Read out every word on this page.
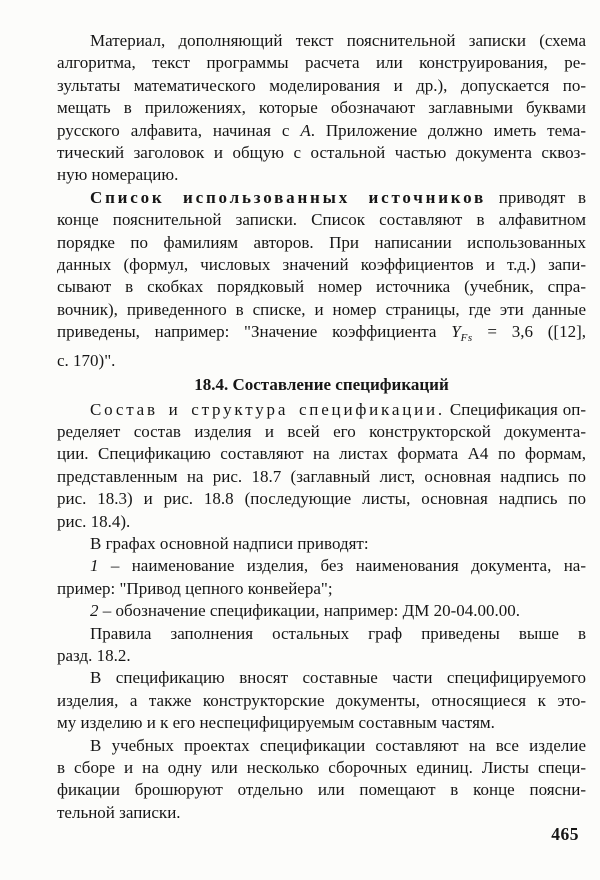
Материал, дополняющий текст пояснительной записки (схема
алгоритма, текст программы расчета или конструирования, ре-
зультаты математического моделирования и др.), допускается по-
мещать в приложениях, которые обозначают заглавными буквами
русского алфавита, начиная с А. Приложение должно иметь тема-
тический заголовок и общую с остальной частью документа сквоз-
ную номерацию.
Список использованных источников приводят в
конце пояснительной записки. Список составляют в алфавитном
порядке по фамилиям авторов. При написании использованных
данных (формул, числовых значений коэффициентов и т.д.) запи-
сывают в скобках порядковый номер источника (учебник, спра-
вочник), приведенного в списке, и номер страницы, где эти данные
приведены, например: "Значение коэффициента $Y_{Fs} = 3,6$ ([12],
с. 170)".
18.4. Составление спецификаций
Состав и структура спецификации. Спецификация оп-
ределяет состав изделия и всей его конструкторской документа-
ции. Спецификацию составляют на листах формата А4 по формам,
представленным на рис. 18.7 (заглавный лист, основная надпись по
рис. 18.3) и рис. 18.8 (последующие листы, основная надпись по
рис. 18.4).
В графах основной надписи приводят:
1 – наименование изделия, без наименования документа, на-
пример: "Привод цепного конвейера";
2 – обозначение спецификации, например: ДМ 20-04.00.00.
Правила заполнения остальных граф приведены выше в
разд. 18.2.
В спецификацию вносят составные части специфицируемого
изделия, а также конструкторские документы, относящиеся к это-
му изделию и к его неспецифицируемым составным частям.
В учебных проектах спецификации составляют на все изделие
в сборе и на одну или несколько сборочных единиц. Листы специ-
фикации брошюруют отдельно или помещают в конце поясни-
тельной записки.
465
